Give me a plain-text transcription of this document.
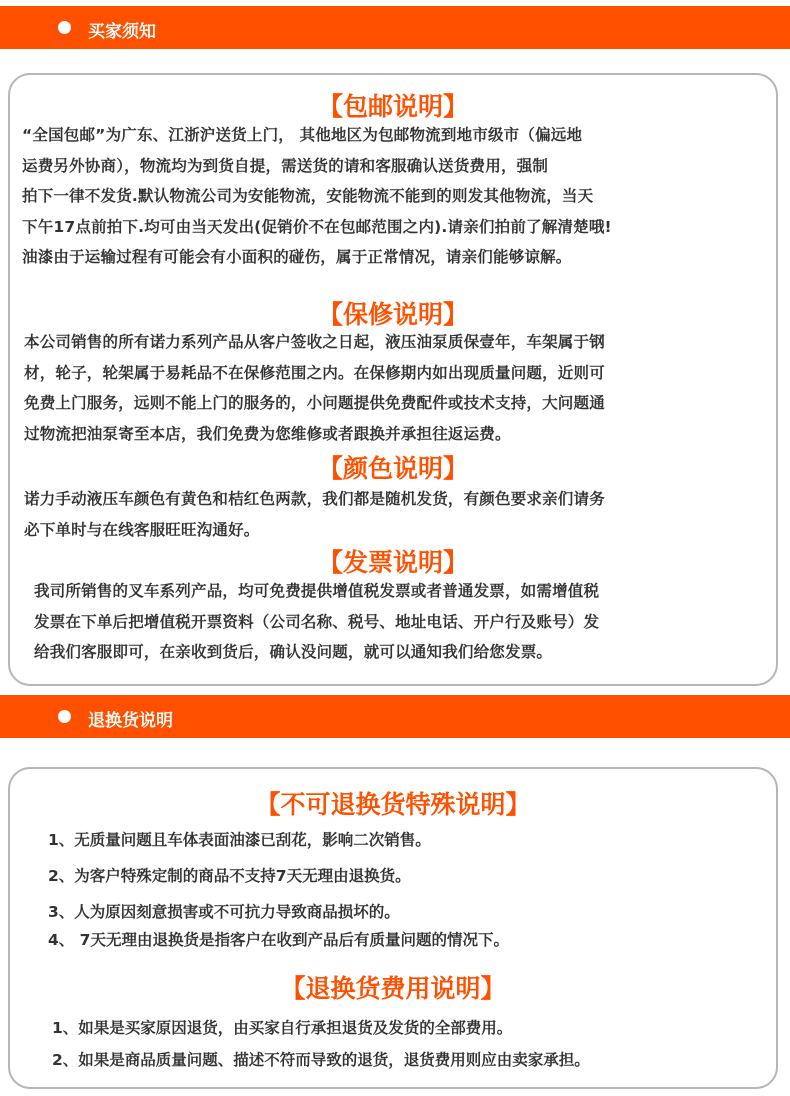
买家须知
【包邮说明】
“全国包邮”为广东、江浙沪送货上门， 其他地区为包邮物流到地市级市（偏远地
运费另外协商），物流均为到货自提，需送货的请和客服确认送货费用，强制
拍下一律不发货.默认物流公司为安能物流，安能物流不能到的则发其他物流，当天
下午17点前拍下.均可由当天发出(促销价不在包邮范围之内).请亲们拍前了解清楚哦!
油漆由于运输过程有可能会有小面积的碰伤，属于正常情况，请亲们能够谅解。
【保修说明】
本公司销售的所有诺力系列产品从客户签收之日起，液压油泵质保壹年，车架属于钢
材，轮子，轮架属于易耗品不在保修范围之内。在保修期内如出现质量问题，近则可
免费上门服务，远则不能上门的服务的，小问题提供免费配件或技术支持，大问题通
过物流把油泵寄至本店，我们免费为您维修或者跟换并承担往返运费。
【颜色说明】
诺力手动液压车颜色有黄色和桔红色两款，我们都是随机发货，有颜色要求亲们请务
必下单时与在线客服旺旺沟通好。
【发票说明】
我司所销售的叉车系列产品，均可免费提供增值税发票或者普通发票，如需增值税
发票在下单后把增值税开票资料（公司名称、税号、地址电话、开户行及账号）发
给我们客服即可，在亲收到货后，确认没问题，就可以通知我们给您发票。
退换货说明
【不可退换货特殊说明】
1、无质量问题且车体表面油漆已刮花，影响二次销售。
2、为客户特殊定制的商品不支持7天无理由退换货。
3、人为原因刻意损害或不可抗力导致商品损坏的。
4、 7天无理由退换货是指客户在收到产品后有质量问题的情况下。
【退换货费用说明】
1、如果是买家原因退货，由买家自行承担退货及发货的全部费用。
2、如果是商品质量问题、描述不符而导致的退货，退货费用则应由卖家承担。
